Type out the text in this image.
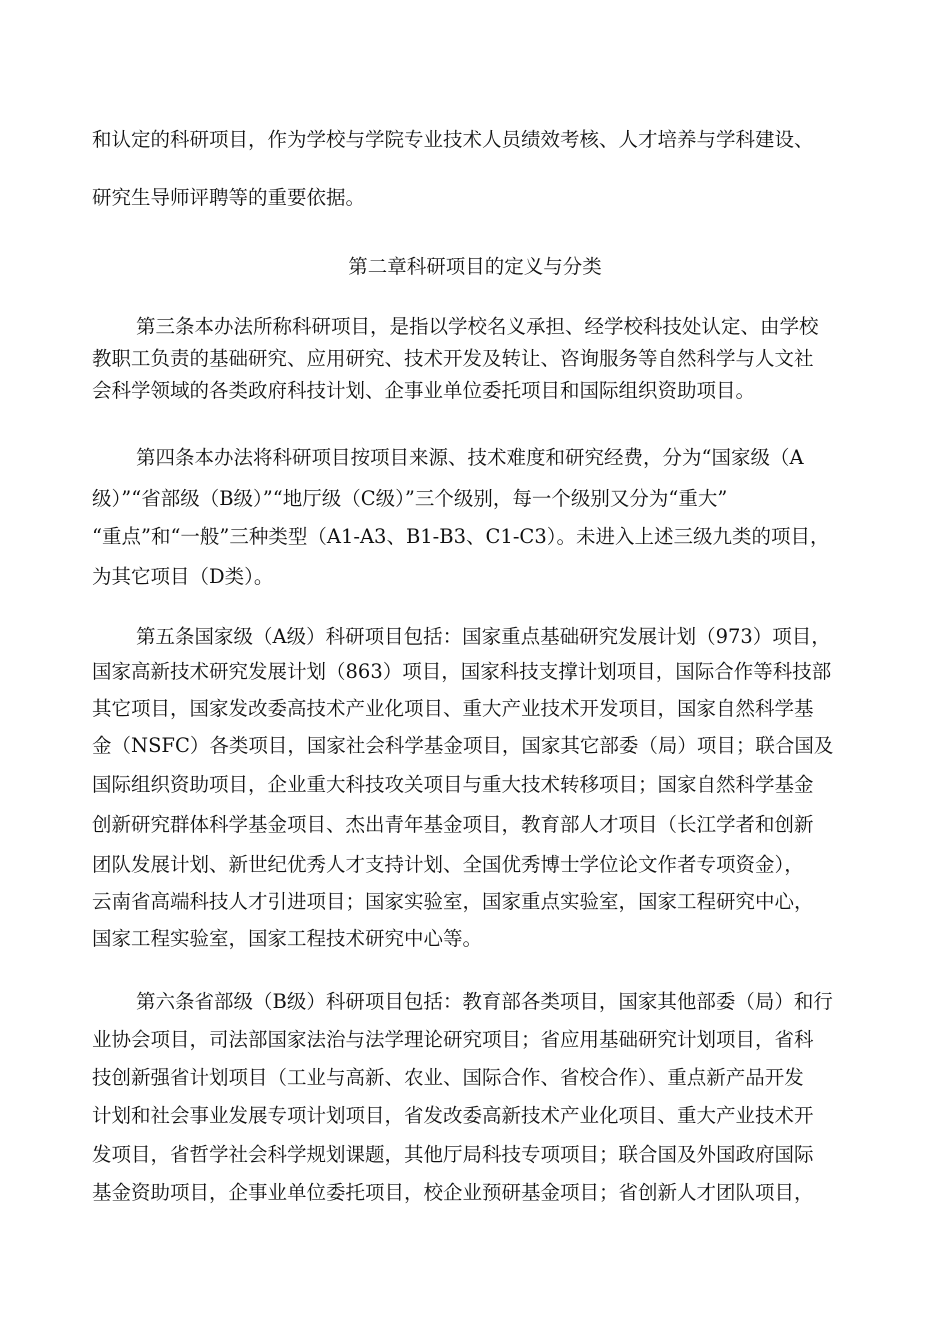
和认定的科研项目，作为学校与学院专业技术人员绩效考核、人才培养与学科建设、
研究生导师评聘等的重要依据。
第二章科研项目的定义与分类
第三条本办法所称科研项目，是指以学校名义承担、经学校科技处认定、由学校
教职工负责的基础研究、应用研究、技术开发及转让、咨询服务等自然科学与人文社
会科学领域的各类政府科技计划、企事业单位委托项目和国际组织资助项目。
第四条本办法将科研项目按项目来源、技术难度和研究经费，分为“国家级（A
级）”“省部级（B级）”“地厅级（C级）”三个级别，每一个级别又分为“重大”
“重点”和“一般”三种类型（A1-A3、B1-B3、C1-C3）。未进入上述三级九类的项目，
为其它项目（D类）。
第五条国家级（A级）科研项目包括：国家重点基础研究发展计划（973）项目，
国家高新技术研究发展计划（863）项目，国家科技支撑计划项目，国际合作等科技部
其它项目，国家发改委高技术产业化项目、重大产业技术开发项目，国家自然科学基
金（NSFC）各类项目，国家社会科学基金项目，国家其它部委（局）项目；联合国及
国际组织资助项目，企业重大科技攻关项目与重大技术转移项目；国家自然科学基金
创新研究群体科学基金项目、杰出青年基金项目，教育部人才项目（长江学者和创新
团队发展计划、新世纪优秀人才支持计划、全国优秀博士学位论文作者专项资金），
云南省高端科技人才引进项目；国家实验室，国家重点实验室，国家工程研究中心，
国家工程实验室，国家工程技术研究中心等。
第六条省部级（B级）科研项目包括：教育部各类项目，国家其他部委（局）和行
业协会项目，司法部国家法治与法学理论研究项目；省应用基础研究计划项目，省科
技创新强省计划项目（工业与高新、农业、国际合作、省校合作）、重点新产品开发
计划和社会事业发展专项计划项目，省发改委高新技术产业化项目、重大产业技术开
发项目，省哲学社会科学规划课题，其他厅局科技专项项目；联合国及外国政府国际
基金资助项目，企事业单位委托项目，校企业预研基金项目；省创新人才团队项目，
